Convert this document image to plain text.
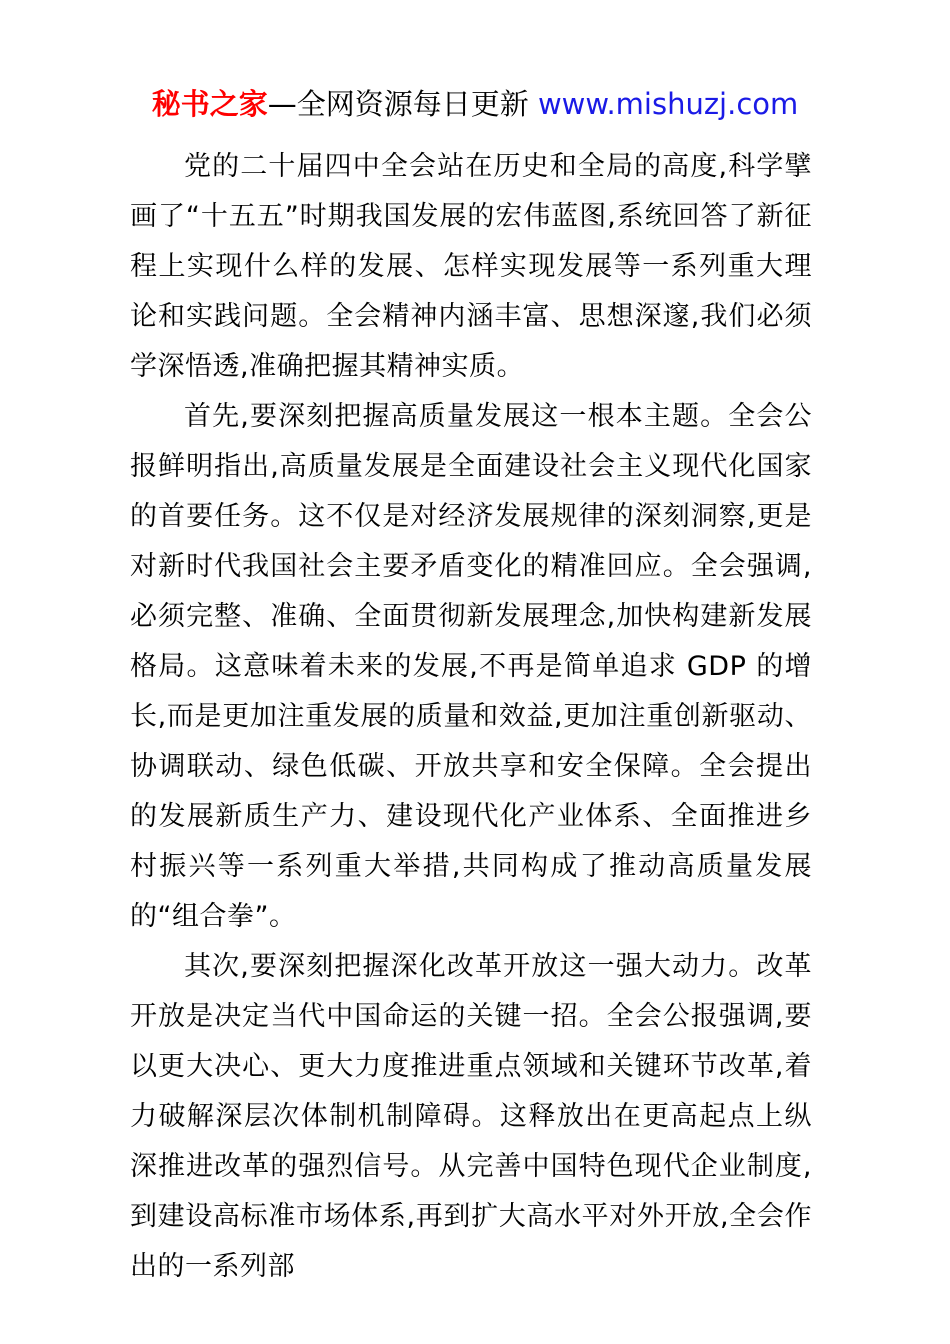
秘书之家—全网资源每日更新 www.mishuzj.com

党的二十届四中全会站在历史和全局的高度,科学擘画了“十五五”时期我国发展的宏伟蓝图,系统回答了新征程上实现什么样的发展、怎样实现发展等一系列重大理论和实践问题。全会精神内涵丰富、思想深邃,我们必须学深悟透,准确把握其精神实质。

首先,要深刻把握高质量发展这一根本主题。全会公报鲜明指出,高质量发展是全面建设社会主义现代化国家的首要任务。这不仅是对经济发展规律的深刻洞察,更是对新时代我国社会主要矛盾变化的精准回应。全会强调,必须完整、准确、全面贯彻新发展理念,加快构建新发展格局。这意味着未来的发展,不再是简单追求 GDP 的增长,而是更加注重发展的质量和效益,更加注重创新驱动、协调联动、绿色低碳、开放共享和安全保障。全会提出的发展新质生产力、建设现代化产业体系、全面推进乡村振兴等一系列重大举措,共同构成了推动高质量发展的“组合拳”。

其次,要深刻把握深化改革开放这一强大动力。改革开放是决定当代中国命运的关键一招。全会公报强调,要以更大决心、更大力度推进重点领域和关键环节改革,着力破解深层次体制机制障碍。这释放出在更高起点上纵深推进改革的强烈信号。从完善中国特色现代企业制度,到建设高标准市场体系,再到扩大高水平对外开放,全会作出的一系列部
